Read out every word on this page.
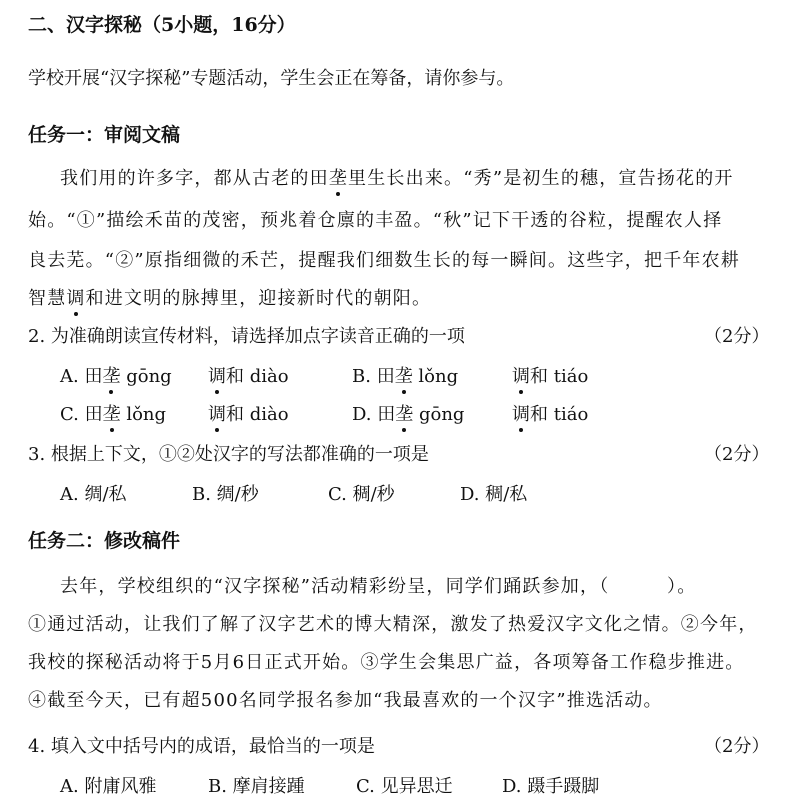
二、汉字探秘（5小题，16分）
学校开展“汉字探秘”专题活动，学生会正在筹备，请你参与。
任务一：审阅文稿
我们用的许多字，都从古老的田垄里生长出来。“秀”是初生的穗，宣告扬花的开
始。“①”描绘禾苗的茂密，预兆着仓廪的丰盈。“秋”记下干透的谷粒，提醒农人择
良去芜。“②”原指细微的禾芒，提醒我们细数生长的每一瞬间。这些字，把千年农耕
智慧调和进文明的脉搏里，迎接新时代的朝阳。
2. 为准确朗读宣传材料，请选择加点字读音正确的一项	（2分）
A. 田垄 gōng 调和 diào	B. 田垄 lǒng	调和 tiáo
C. 田垄 lǒng 调和 diào	D. 田垄 gōng	调和 tiáo
3. 根据上下文，①②处汉字的写法都准确的一项是	（2分）
A. 绸/私	B. 绸/秒	C. 稠/秒	D. 稠/私
任务二：修改稿件
去年，学校组织的“汉字探秘”活动精彩纷呈，同学们踊跃参加，（　　　）。
①通过活动，让我们了解了汉字艺术的博大精深，激发了热爱汉字文化之情。②今年，
我校的探秘活动将于5月6日正式开始。③学生会集思广益，各项筹备工作稳步推进。
④截至今天，已有超500名同学报名参加“我最喜欢的一个汉字”推选活动。
4. 填入文中括号内的成语，最恰当的一项是	（2分）
A. 附庸风雅	B. 摩肩接踵	C. 见异思迁	D. 蹑手蹑脚
